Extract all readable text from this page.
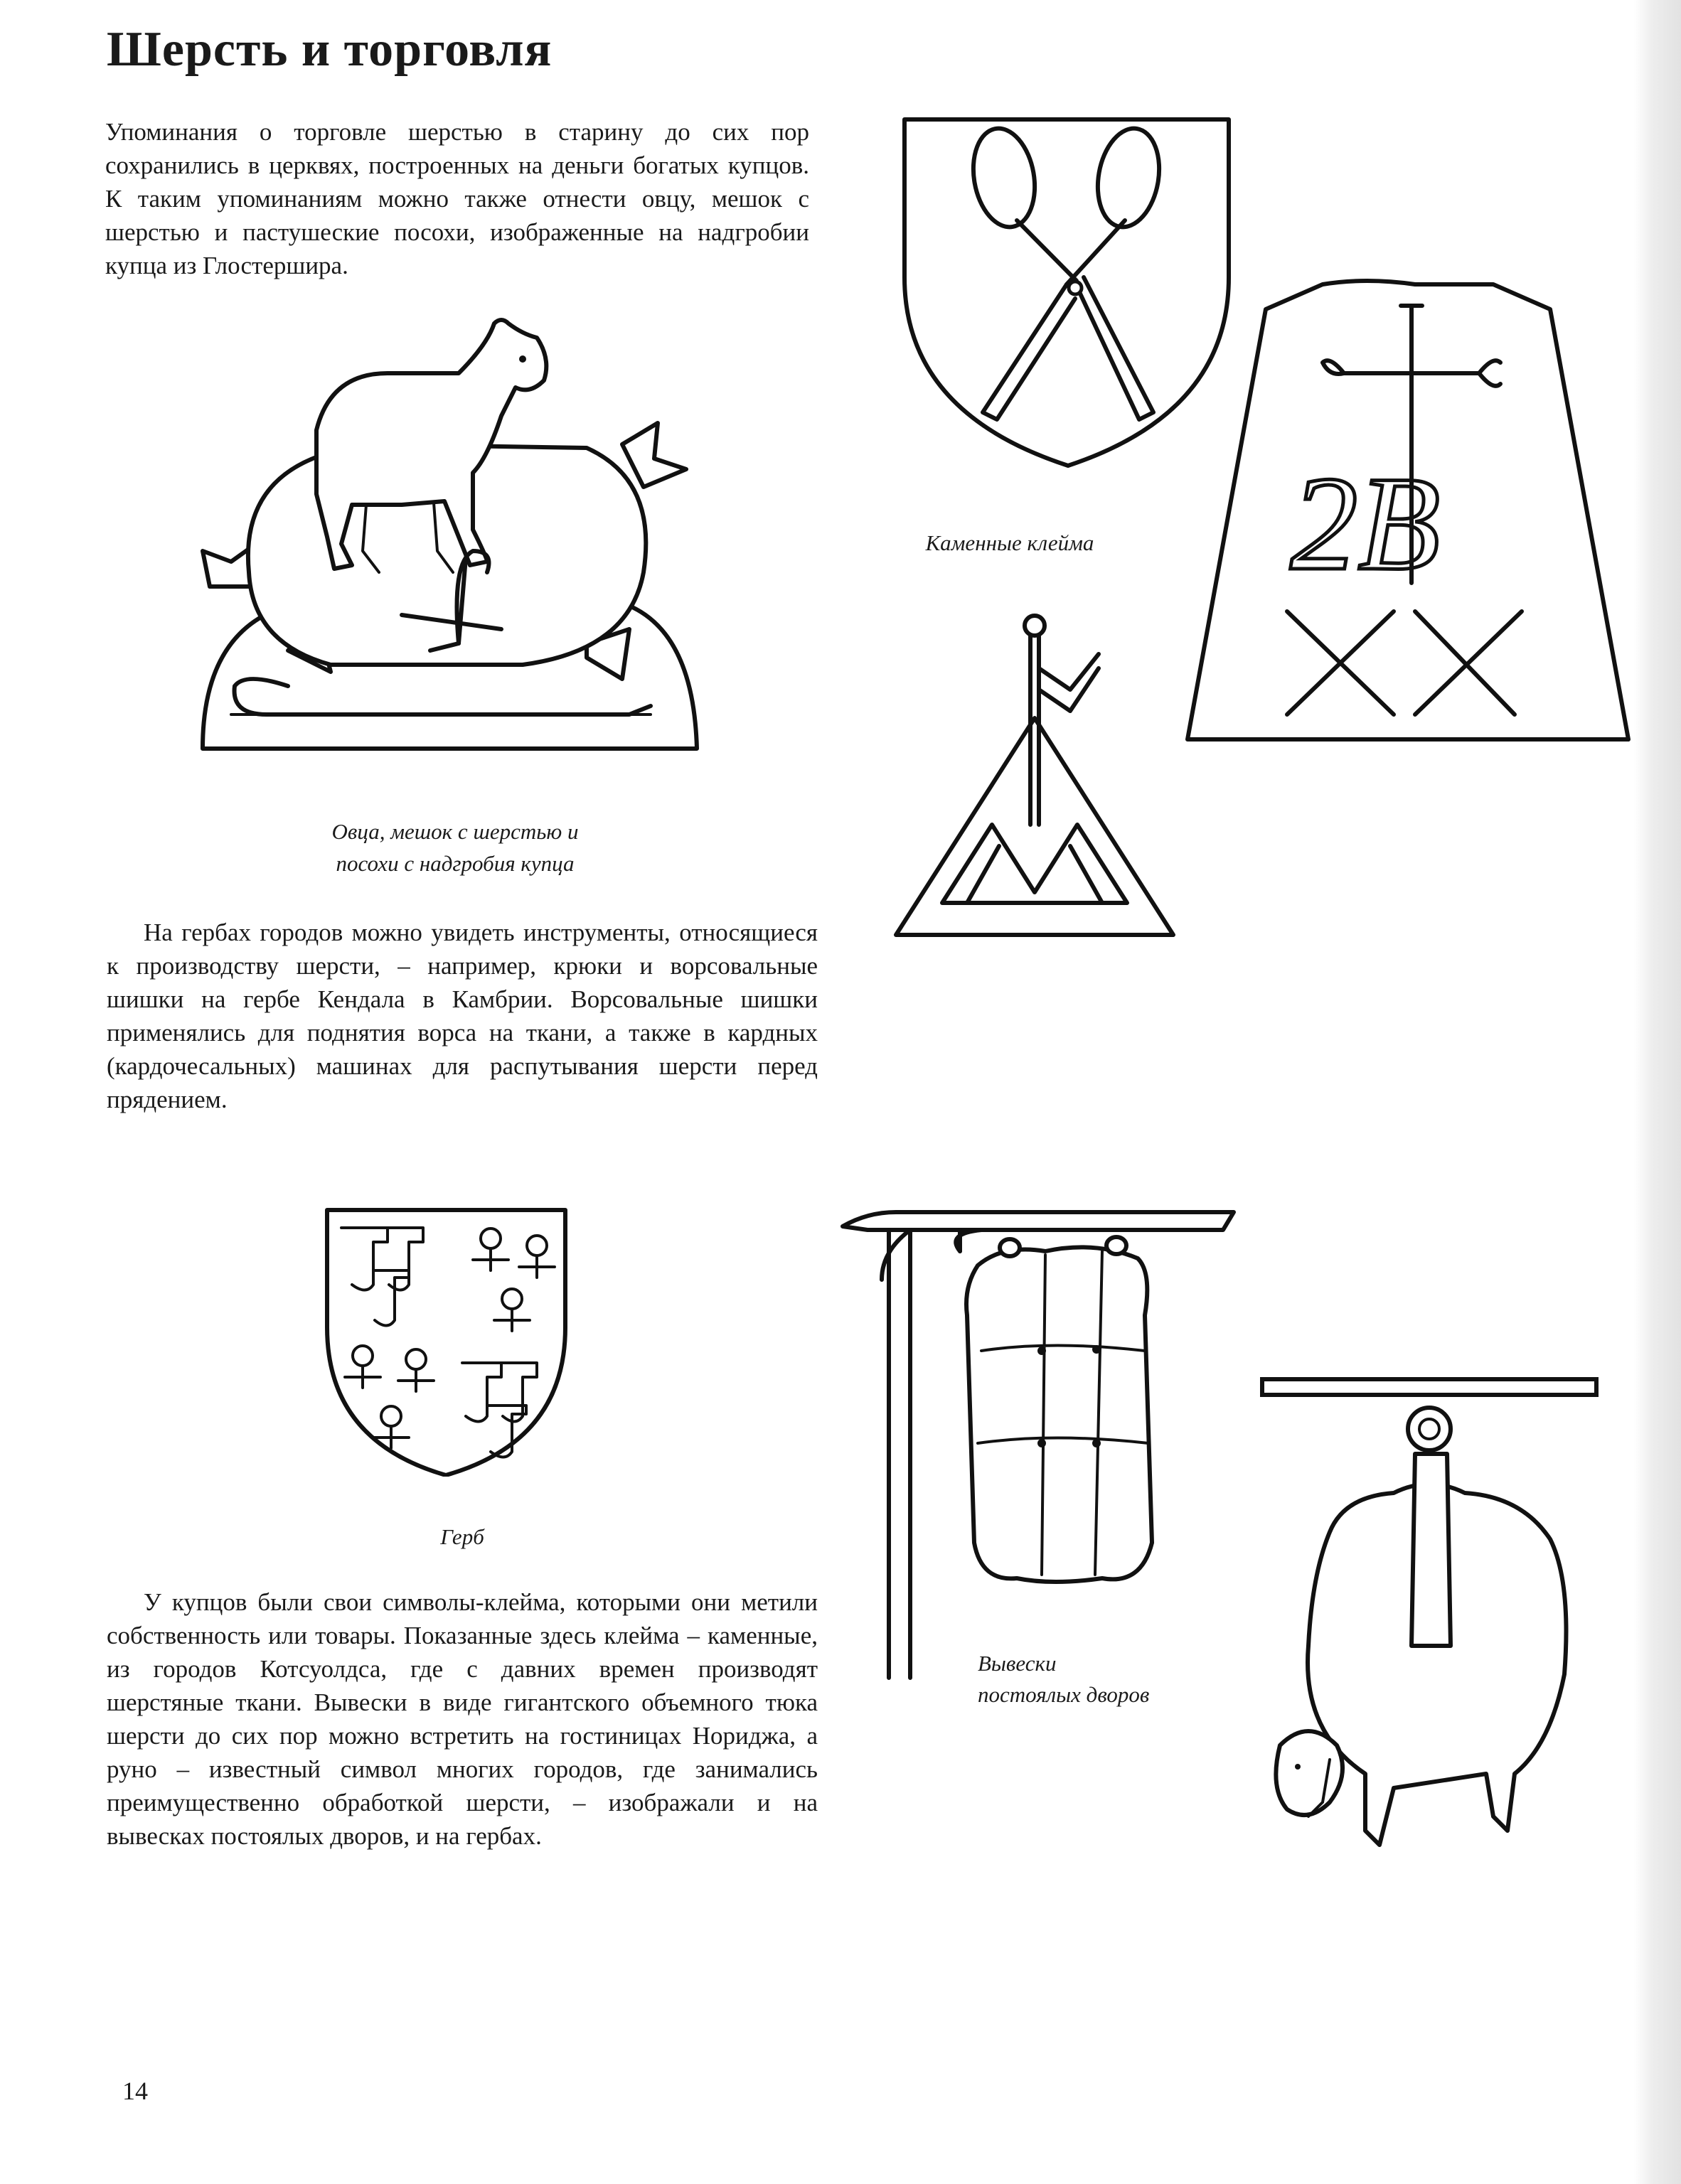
Шерсть и торговля

Упоминания о торговле шерстью в старину до сих пор сохранились в церквях, построенных на деньги богатых купцов. К таким упоминаниям можно также отнести овцу, мешок с шерстью и пастушеские посохи, изображенные на надгробии купца из Глостершира.

На гербах городов можно увидеть инструменты, относящиеся к производству шерсти, – например, крюки и ворсовальные шишки на гербе Кендала в Камбрии. Ворсовальные шишки применялись для поднятия ворса на ткани, а также в кардных (кардочесальных) машинах для распутывания шерсти перед прядением.

У купцов были свои символы-клейма, которыми они метили собственность или товары. Показанные здесь клейма – каменные, из городов Котсуолдса, где с давних времен производят шерстяные ткани. Вывески в виде гигантского объемного тюка шерсти до сих пор можно встретить на гостиницах Нориджа, а руно – известный символ многих городов, где занимались преимущественно обработкой шерсти, – изображали и на вывесках постоялых дворов, и на гербах.

Овца, мешок с шерстью и

посохи с надгробия купца

2B

Каменные клейма

Герб

Вывески

постоялых дворов

14
